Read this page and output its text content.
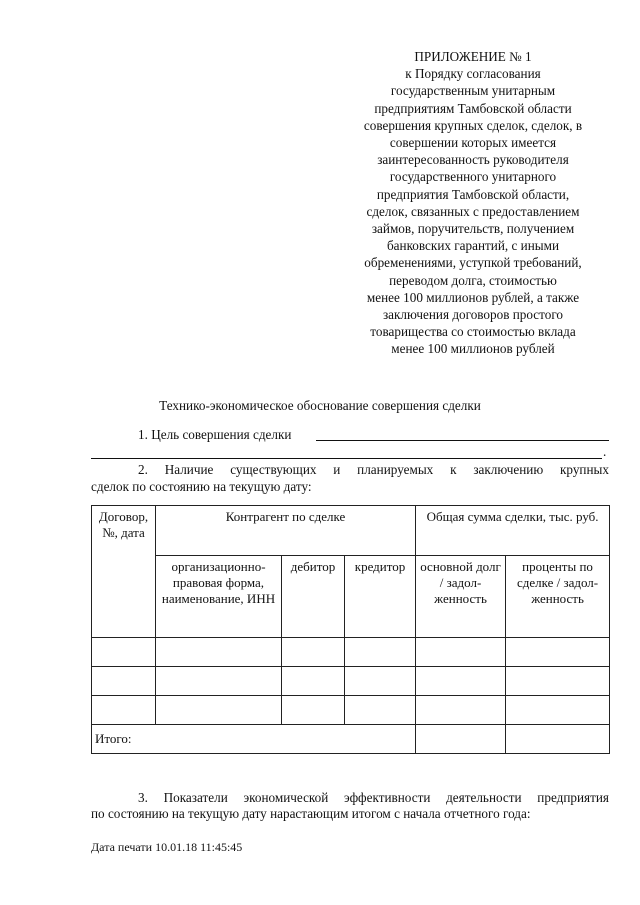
ПРИЛОЖЕНИЕ № 1
к Порядку согласования
государственным унитарным
предприятиям Тамбовской области
совершения крупных сделок, сделок, в
совершении которых имеется
заинтересованность руководителя
государственного унитарного
предприятия Тамбовской области,
сделок, связанных с предоставлением
займов, поручительств, получением
банковских гарантий, с иными
обременениями, уступкой требований,
переводом долга, стоимостью
менее 100 миллионов рублей, а также
заключения договоров простого
товарищества со стоимостью вклада
менее 100 миллионов рублей
Технико-экономическое обоснование совершения сделки
1. Цель совершения сделки
.
2. Наличие существующих и планируемых к заключению крупных
сделок по состоянию на текущую дату:
Договор, №, дата	Контрагент по сделке			Общая сумма сделки, тыс. руб.	
	организационно-правовая форма, наименование, ИНН	дебитор	кредитор	основной долг / задол-женность	проценты по сделке / задол-женность

Итого:					
3. Показатели экономической эффективности деятельности предприятия
по состоянию на текущую дату нарастающим итогом с начала отчетного года:
Дата печати 10.01.18 11:45:45
